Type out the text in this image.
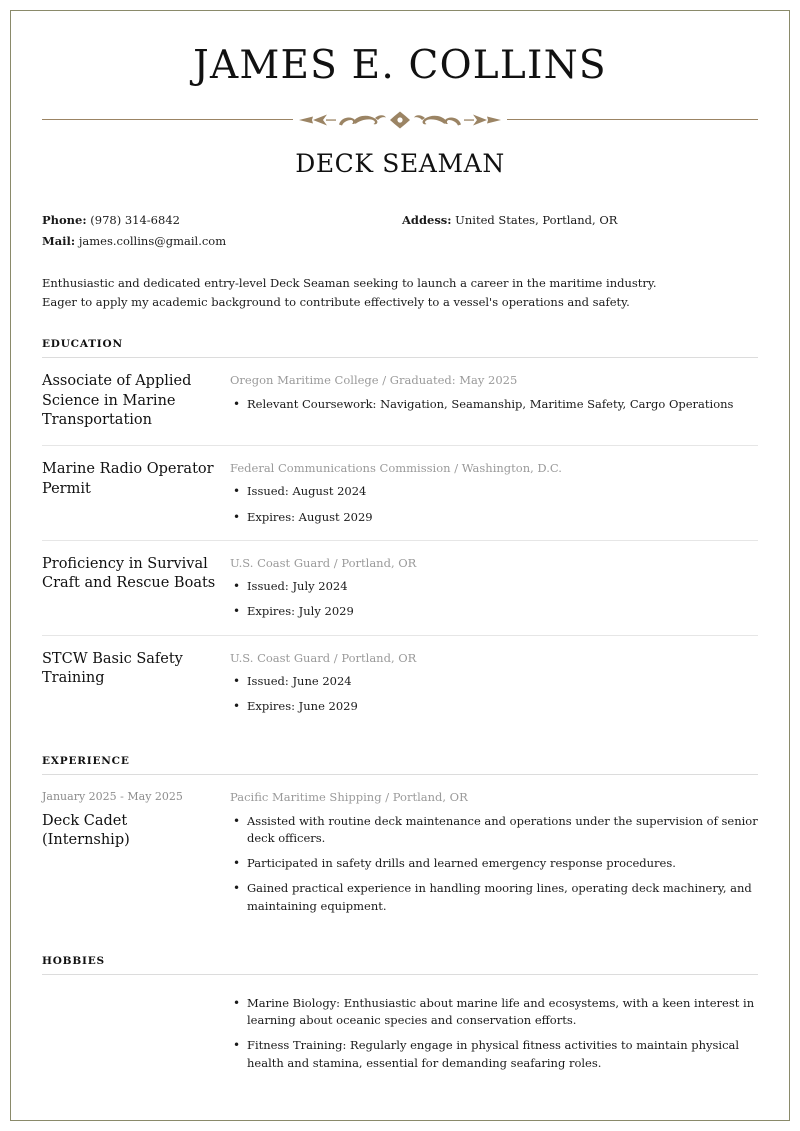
JAMES E. COLLINS
DECK SEAMAN
Phone: (978) 314-6842	Addess: United States, Portland, OR
Mail: james.collins@gmail.com
Enthusiastic and dedicated entry-level Deck Seaman seeking to launch a career in the maritime industry.
Eager to apply my academic background to contribute effectively to a vessel's operations and safety.
EDUCATION
Associate of Applied Science in Marine Transportation
Oregon Maritime College / Graduated: May 2025
• Relevant Coursework: Navigation, Seamanship, Maritime Safety, Cargo Operations
Marine Radio Operator Permit
Federal Communications Commission / Washington, D.C.
• Issued: August 2024
• Expires: August 2029
Proficiency in Survival Craft and Rescue Boats
U.S. Coast Guard / Portland, OR
• Issued: July 2024
• Expires: July 2029
STCW Basic Safety Training
U.S. Coast Guard / Portland, OR
• Issued: June 2024
• Expires: June 2029
EXPERIENCE
January 2025 - May 2025
Deck Cadet (Internship)
Pacific Maritime Shipping / Portland, OR
• Assisted with routine deck maintenance and operations under the supervision of senior deck officers.
• Participated in safety drills and learned emergency response procedures.
• Gained practical experience in handling mooring lines, operating deck machinery, and maintaining equipment.
HOBBIES
• Marine Biology: Enthusiastic about marine life and ecosystems, with a keen interest in learning about oceanic species and conservation efforts.
• Fitness Training: Regularly engage in physical fitness activities to maintain physical health and stamina, essential for demanding seafaring roles.
